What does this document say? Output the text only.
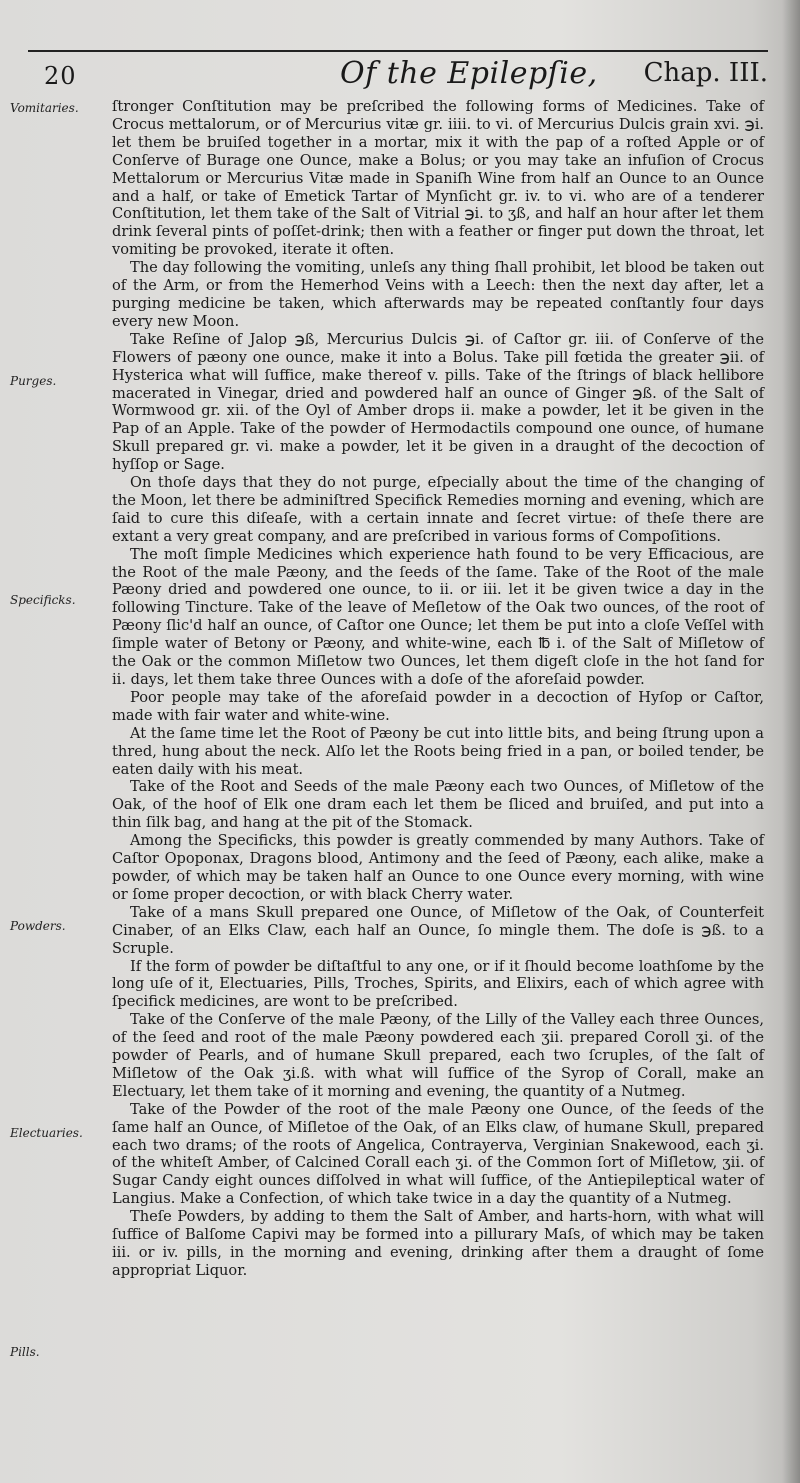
20	Of the Epilepſie, Chap. III.
Vomitaries.
Purges.
Specificks.
Powders.
Electuaries.
Pills.

ſtronger Conſtitution may be preſcribed the following forms of Medicines. Take of Crocus mettalorum, or of Mercurius vitæ gr. iiii. to vi. of Mercurius Dulcis grain xvi. ℈i. let them be bruiſed together in a mortar, mix it with the pap of a roſted Apple or of Conſerve of Burage one Ounce, make a Bolus; or you may take an infuſion of Crocus Mettalorum or Mercurius Vitæ made in Spaniſh Wine from half an Ounce to an Ounce and a half, or take of Emetick Tartar of Mynſicht gr. iv. to vi. who are of a tenderer Conſtitution, let them take of the Salt of Vitrial ℈i. to ʒß, and half an hour after let them drink ſeveral pints of poſſet-drink; then with a feather or finger put down the throat, let vomiting be provoked, iterate it often.

The day following the vomiting, unleſs any thing ſhall prohibit, let blood be taken out of the Arm, or from the Hemerhod Veins with a Leech: then the next day after, let a purging medicine be taken, which afterwards may be repeated conſtantly four days every new Moon.

Take Reſine of Jalop ℈ß, Mercurius Dulcis ℈i. of Caſtor gr. iii. of Conſerve of the Flowers of pæony one ounce, make it into a Bolus. Take pill fœtida the greater ℈ii. of Hysterica what will ſuffice, make thereof v. pills. Take of the ſtrings of black hellibore macerated in Vinegar, dried and powdered half an ounce of Ginger ℈ß. of the Salt of Wormwood gr. xii. of the Oyl of Amber drops ii. make a powder, let it be given in the Pap of an Apple. Take of the powder of Hermodactils compound one ounce, of humane Skull prepared gr. vi. make a powder, let it be given in a draught of the decoction of hyſſop or Sage.

On thoſe days that they do not purge, eſpecially about the time of the changing of the Moon, let there be adminiſtred Specifick Remedies morning and evening, which are ſaid to cure this diſeaſe, with a certain innate and ſecret virtue: of theſe there are extant a very great company, and are preſcribed in various forms of Compoſitions.

The moſt ſimple Medicines which experience hath found to be very Efficacious, are the Root of the male Pæony, and the ſeeds of the ſame. Take of the Root of the male Pæony dried and powdered one ounce, to ii. or iii. let it be given twice a day in the following Tincture. Take of the leave of Meſletow of the Oak two ounces, of the root of Pæony ſlic'd half an ounce, of Caſtor one Ounce; let them be put into a cloſe Veſſel with ſimple water of Betony or Pæony, and white-wine, each ℔ i. of the Salt of Miſletow of the Oak or the common Miſletow two Ounces, let them digeſt cloſe in the hot ſand for ii. days, let them take three Ounces with a doſe of the aforeſaid powder.

Poor people may take of the aforeſaid powder in a decoction of Hyſop or Caſtor, made with fair water and white-wine.

At the ſame time let the Root of Pæony be cut into little bits, and being ſtrung upon a thred, hung about the neck. Alſo let the Roots being fried in a pan, or boiled tender, be eaten daily with his meat.

Take of the Root and Seeds of the male Pæony each two Ounces, of Miſletow of the Oak, of the hoof of Elk one dram each let them be ſliced and bruiſed, and put into a thin ſilk bag, and hang at the pit of the Stomack.

Among the Specificks, this powder is greatly commended by many Authors. Take of Caſtor Opoponax, Dragons blood, Antimony and the ſeed of Pæony, each alike, make a powder, of which may be taken half an Ounce to one Ounce every morning, with wine or ſome proper decoction, or with black Cherry water.

Take of a mans Skull prepared one Ounce, of Miſletow of the Oak, of Counterfeit Cinaber, of an Elks Claw, each half an Ounce, ſo mingle them. The doſe is ℈ß. to a Scruple.

If the form of powder be diſtaſtful to any one, or if it ſhould become loathſome by the long uſe of it, Electuaries, Pills, Troches, Spirits, and Elixirs, each of which agree with ſpecifick medicines, are wont to be preſcribed.

Take of the Conſerve of the male Pæony, of the Lilly of the Valley each three Ounces, of the ſeed and root of the male Pæony powdered each ʒii. prepared Coroll ʒi. of the powder of Pearls, and of humane Skull prepared, each two ſcruples, of the ſalt of Miſletow of the Oak ʒi.ß. with what will ſuffice of the Syrop of Corall, make an Electuary, let them take of it morning and evening, the quantity of a Nutmeg.

Take of the Powder of the root of the male Pæony one Ounce, of the ſeeds of the ſame half an Ounce, of Miſletoe of the Oak, of an Elks claw, of humane Skull, prepared each two drams; of the roots of Angelica, Contrayerva, Verginian Snakewood, each ʒi. of the whiteſt Amber, of Calcined Corall each ʒi. of the Common ſort of Miſletow, ʒii. of Sugar Candy eight ounces diſſolved in what will ſuffice, of the Antiepileptical water of Langius. Make a Confection, of which take twice in a day the quantity of a Nutmeg.

Theſe Powders, by adding to them the Salt of Amber, and harts-horn, with what will ſuffice of Balſome Capivi may be formed into a pillurary Maſs, of which may be taken iii. or iv. pills, in the morning and evening, drinking after them a draught of ſome appropriat Liquor.
